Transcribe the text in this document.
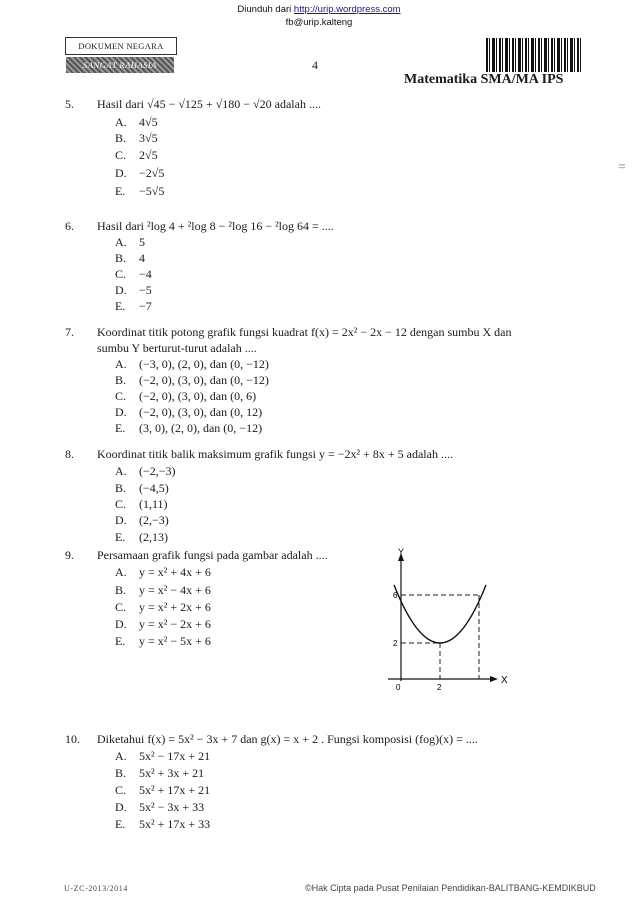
Diunduh dari http://urip.wordpress.com
fb@urip.kalteng
DOKUMEN NEGARA
SANGAT RAHASIA	4
Matematika SMA/MA IPS
=
5. Hasil dari √45 − √125 + √180 − √20 adalah ....
A. 4√5
B. 3√5
C. 2√5
D. −2√5
E. −5√5
6. Hasil dari ²log 4 + ²log 8 − ²log 16 − ²log 64 = ....
A. 5
B. 4
C. −4
D. −5
E. −7
7. Koordinat titik potong grafik fungsi kuadrat f(x) = 2x² − 2x − 12 dengan sumbu X dan
sumbu Y berturut-turut adalah ....
A. (−3, 0), (2, 0), dan (0, −12)
B. (−2, 0), (3, 0), dan (0, −12)
C. (−2, 0), (3, 0), dan (0, 6)
D. (−2, 0), (3, 0), dan (0, 12)
E. (3, 0), (2, 0), dan (0, −12)
8. Koordinat titik balik maksimum grafik fungsi y = −2x² + 8x + 5 adalah ....
A. (−2,−3)
B. (−4,5)
C. (1,11)
D. (2,−3)
E. (2,13)
9. Persamaan grafik fungsi pada gambar adalah ....
A. y = x² + 4x + 6
B. y = x² − 4x + 6
C. y = x² + 2x + 6
D. y = x² − 2x + 6
E. y = x² − 5x + 6
Y
X
6
2
0	2
10. Diketahui f(x) = 5x² − 3x + 7 dan g(x) = x + 2 . Fungsi komposisi (fog)(x) = ....
A. 5x² − 17x + 21
B. 5x² + 3x + 21
C. 5x² + 17x + 21
D. 5x² − 3x + 33
E. 5x² + 17x + 33
U-ZC-2013/2014	©Hak Cipta pada Pusat Penilaian Pendidikan-BALITBANG-KEMDIKBUD
